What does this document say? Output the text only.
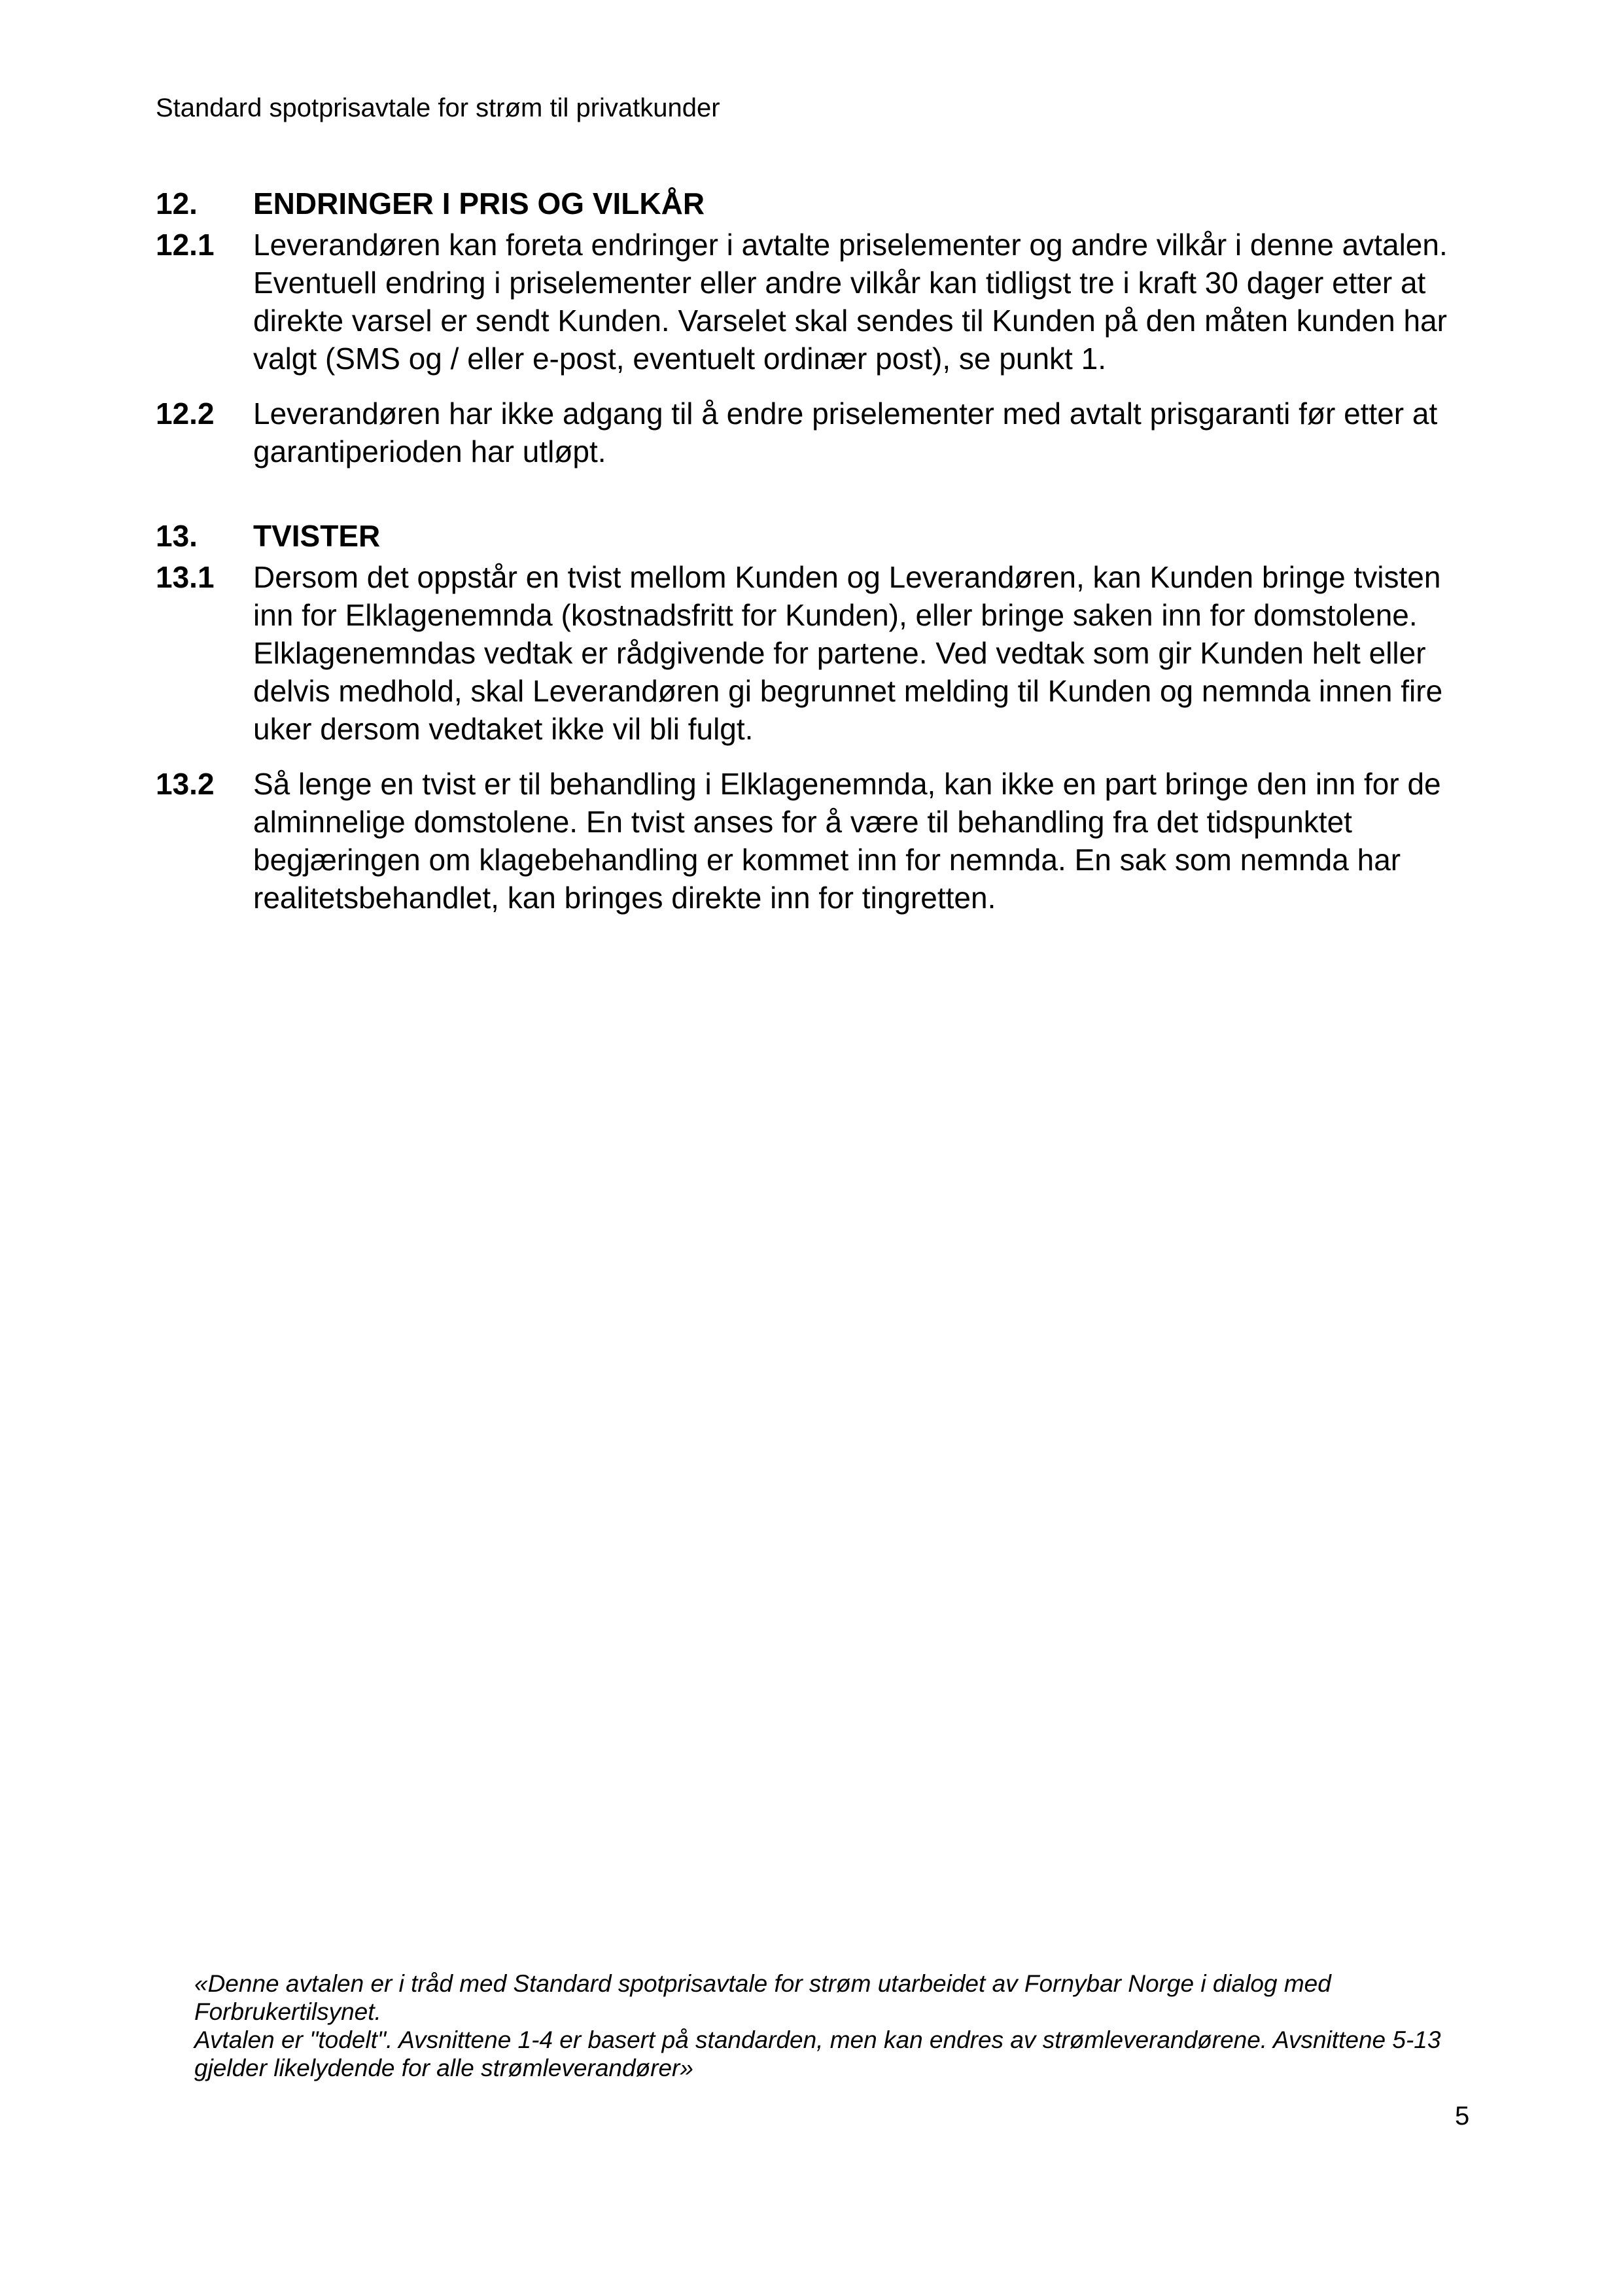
Standard spotprisavtale for strøm til privatkunder
12.	ENDRINGER I PRIS OG VILKÅR
12.1	Leverandøren kan foreta endringer i avtalte priselementer og andre vilkår i denne avtalen. Eventuell endring i priselementer eller andre vilkår kan tidligst tre i kraft 30 dager etter at direkte varsel er sendt Kunden. Varselet skal sendes til Kunden på den måten kunden har valgt (SMS og / eller e-post, eventuelt ordinær post), se punkt 1.
12.2	Leverandøren har ikke adgang til å endre priselementer med avtalt prisgaranti før etter at garantiperioden har utløpt.
13.	TVISTER
13.1	Dersom det oppstår en tvist mellom Kunden og Leverandøren, kan Kunden bringe tvisten inn for Elklagenemnda (kostnadsfritt for Kunden), eller bringe saken inn for domstolene. Elklagenemndas vedtak er rådgivende for partene. Ved vedtak som gir Kunden helt eller delvis medhold, skal Leverandøren gi begrunnet melding til Kunden og nemnda innen fire uker dersom vedtaket ikke vil bli fulgt.
13.2	Så lenge en tvist er til behandling i Elklagenemnda, kan ikke en part bringe den inn for de alminnelige domstolene. En tvist anses for å være til behandling fra det tidspunktet begjæringen om klagebehandling er kommet inn for nemnda. En sak som nemnda har realitetsbehandlet, kan bringes direkte inn for tingretten.

«Denne avtalen er i tråd med Standard spotprisavtale for strøm utarbeidet av Fornybar Norge i dialog med Forbrukertilsynet.

Avtalen er "todelt". Avsnittene 1-4 er basert på standarden, men kan endres av strømleverandørene. Avsnittene 5-13 gjelder likelydende for alle strømleverandører»

5
